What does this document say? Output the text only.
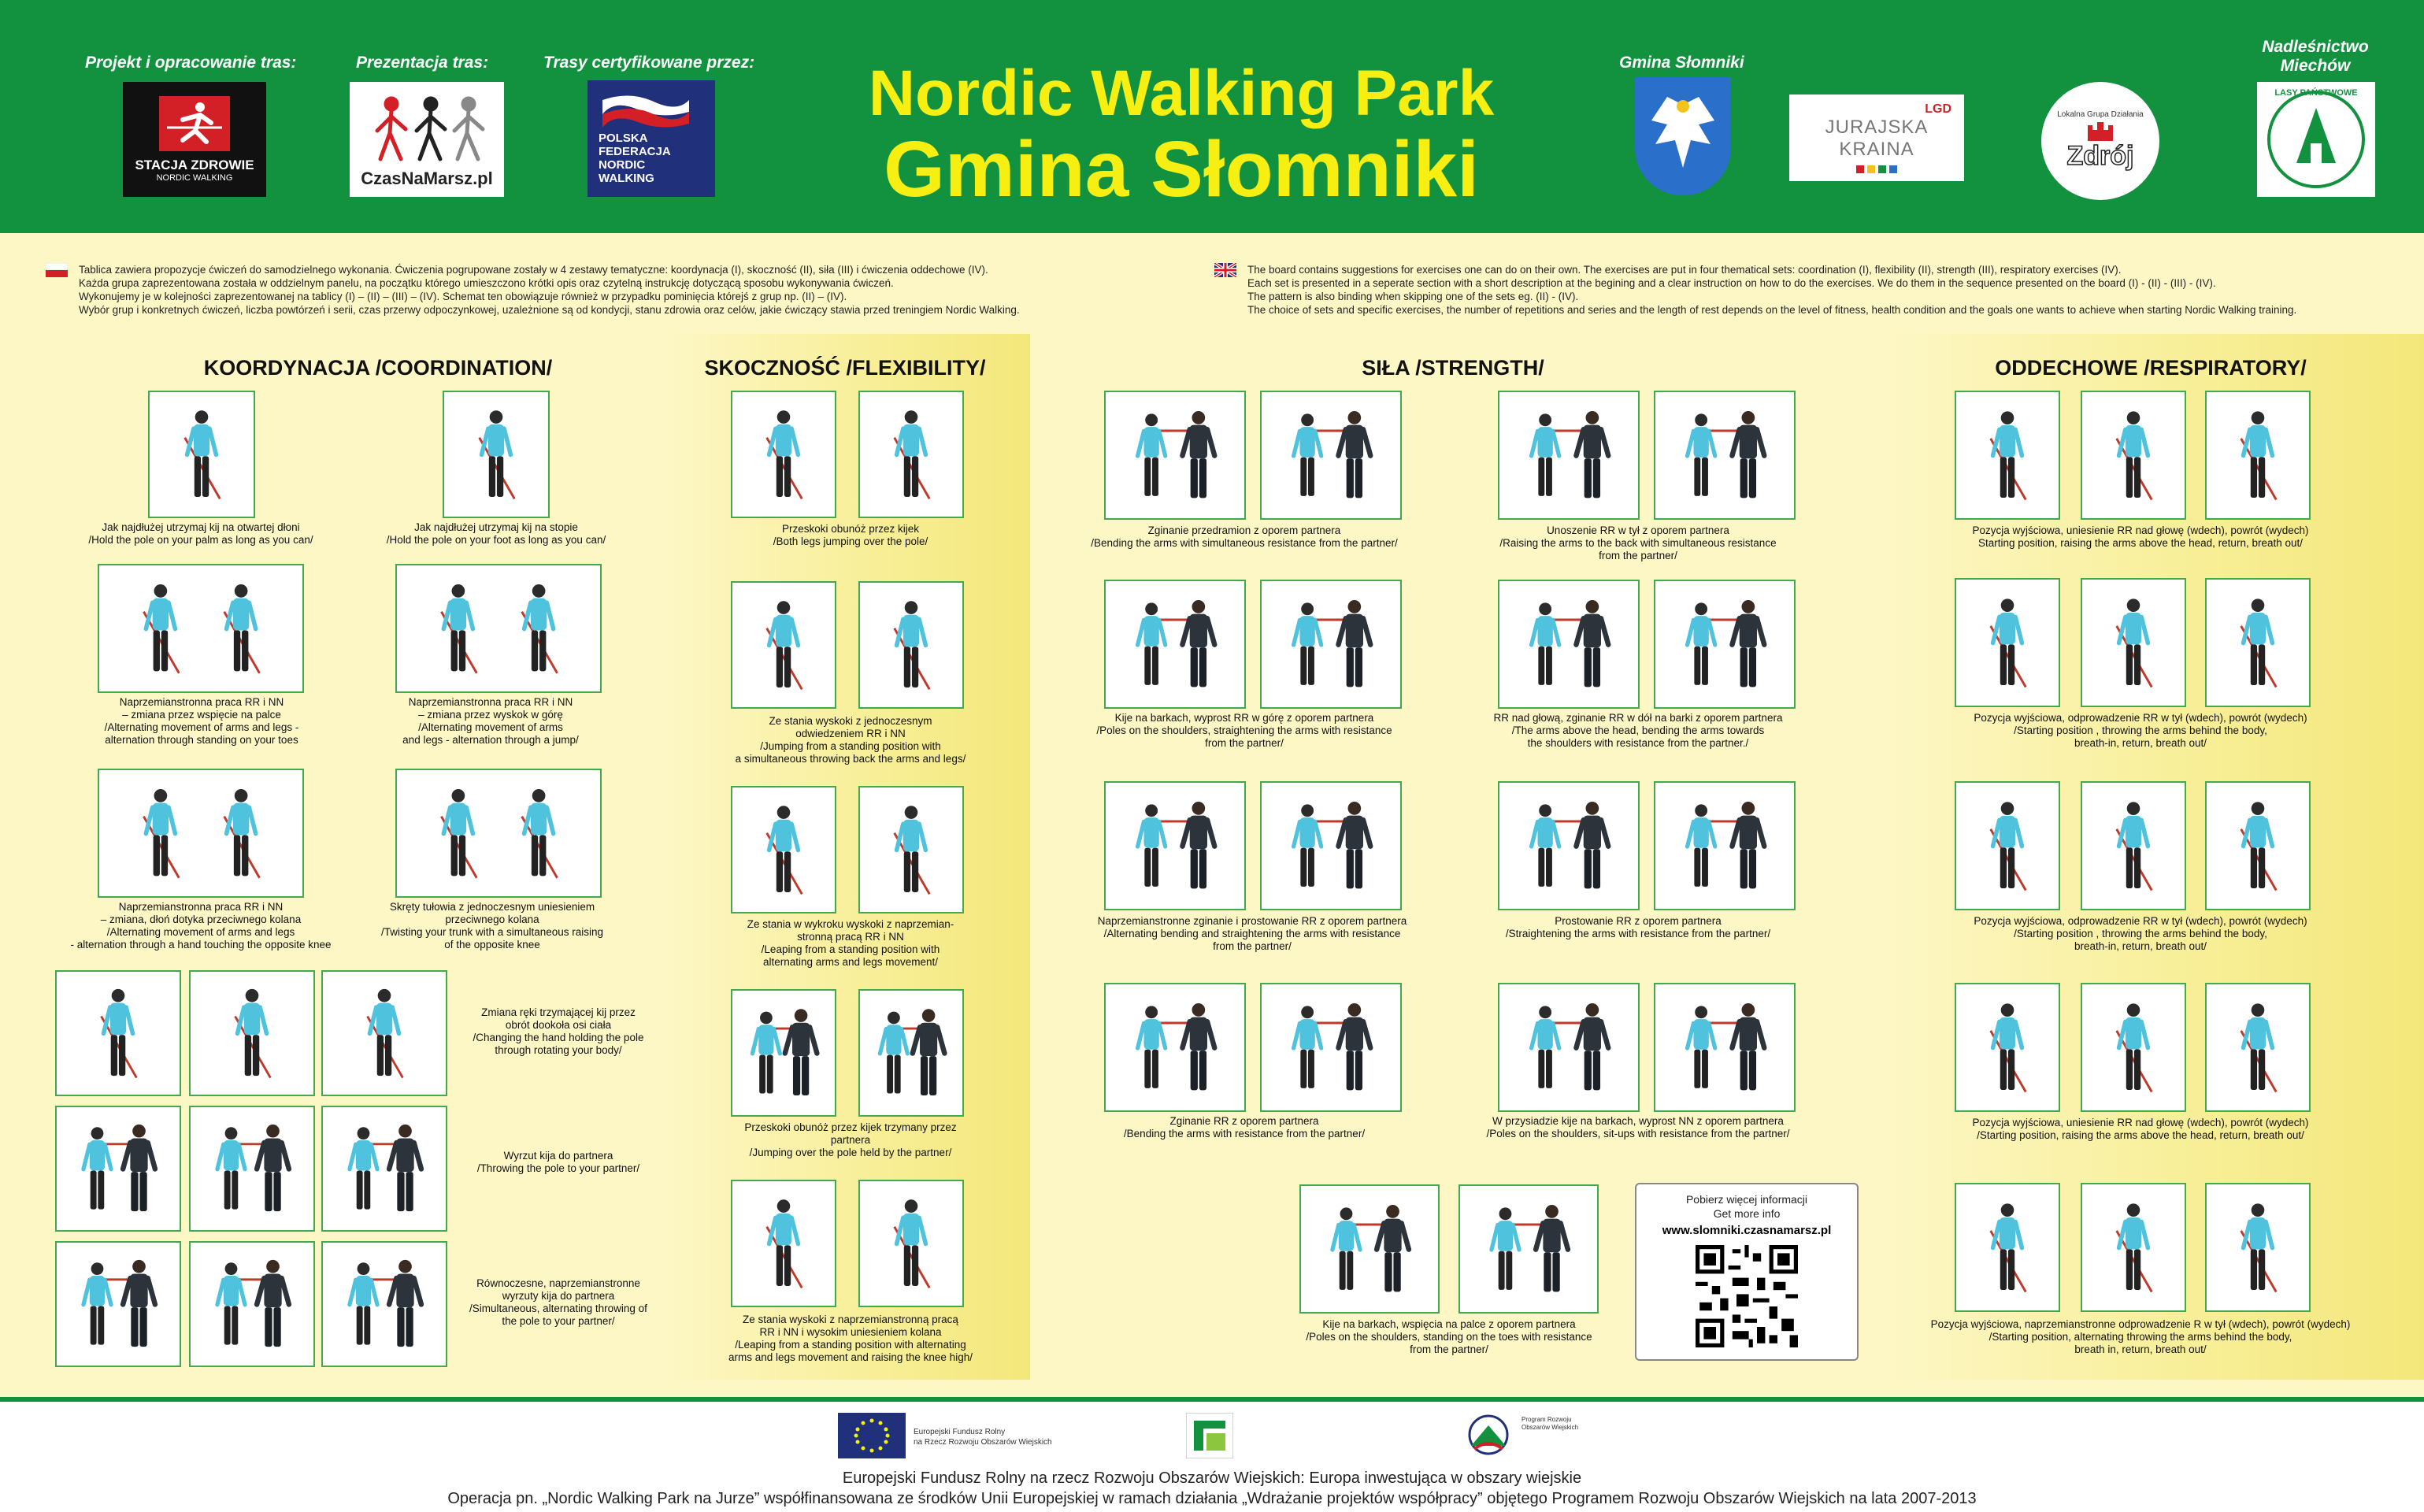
Projekt i opracowanie tras:	Prezentacja tras:	Trasy certyfikowane przez:	Gmina Słomniki
Nadleśnictwo Miechów
STACJA ZDROWIE
NORDIC WALKING	CzasNaMarsz.pl
POLSKA FEDERACJA NORDIC WALKING
Nordic Walking Park
Gmina Słomniki
LGD
JURAJSKA KRAINA
Lokalna Grupa Działania
Zdrój
LASY PAŃSTWOWE
Tablica zawiera propozycje ćwiczeń do samodzielnego wykonania. Ćwiczenia pogrupowane zostały w 4 zestawy tematyczne: koordynacja (I), skoczność (II), siła (III) i ćwiczenia oddechowe (IV).
Każda grupa zaprezentowana została w oddzielnym panelu, na początku którego umieszczono krótki opis oraz czytelną instrukcję dotyczącą sposobu wykonywania ćwiczeń.
Wykonujemy je w kolejności zaprezentowanej na tablicy (I) – (II) – (III) – (IV). Schemat ten obowiązuje również w przypadku pominięcia którejś z grup np. (II) – (IV).
Wybór grup i konkretnych ćwiczeń, liczba powtórzeń i serii, czas przerwy odpoczynkowej, uzależnione są od kondycji, stanu zdrowia oraz celów, jakie ćwiczący stawia przed treningiem Nordic Walking.
The board contains suggestions for exercises one can do on their own. The exercises are put in four thematical sets: coordination (I), flexibility (II), strength (III), respiratory exercises (IV).
Each set is presented in a seperate section with a short description at the begining and a clear instruction on how to do the exercises. We do them in the sequence presented on the board (I) - (II) - (III) - (IV).
The pattern is also binding when skipping one of the sets eg. (II) - (IV).
The choice of sets and specific exercises, the number of repetitions and series and the length of rest depends on the level of fitness, health condition and the goals one wants to achieve when starting Nordic Walking training.
KOORDYNACJA /COORDINATION/	SKOCZNOŚĆ /FLEXIBILITY/	SIŁA /STRENGTH/	ODDECHOWE /RESPIRATORY/
Jak najdłużej utrzymaj kij na otwartej dłoni
/Hold the pole on your palm as long as you can/
Jak najdłużej utrzymaj kij na stopie
/Hold the pole on your foot as long as you can/
Naprzemianstronna praca RR i NN
– zmiana przez wspięcie na palce
/Alternating movement of arms and legs -
alternation through standing on your toes
Naprzemianstronna praca RR i NN
– zmiana przez wyskok w górę
/Alternating movement of arms
and legs - alternation through a jump/
Naprzemianstronna praca RR i NN
– zmiana, dłoń dotyka przeciwnego kolana
/Alternating movement of arms and legs
- alternation through a hand touching the opposite knee
Skręty tułowia z jednoczesnym uniesieniem
przeciwnego kolana
/Twisting your trunk with a simultaneous raising
of the opposite knee
Zmiana ręki trzymającej kij przez
obrót dookoła osi ciała
/Changing the hand holding the pole
through rotating your body/
Wyrzut kija do partnera
/Throwing the pole to your partner/
Równoczesne, naprzemianstronne
wyrzuty kija do partnera
/Simultaneous, alternating throwing of
the pole to your partner/
Przeskoki obunóż przez kijek
/Both legs jumping over the pole/
Ze stania wyskoki z jednoczesnym
odwiedzeniem RR i NN
/Jumping from a standing position with
a simultaneous throwing back the arms and legs/
Ze stania w wykroku wyskoki z naprzemian-
stronną pracą RR i NN
/Leaping from a standing position with
alternating arms and legs movement/
Przeskoki obunóż przez kijek trzymany przez
partnera
/Jumping over the pole held by the partner/
Ze stania wyskoki z naprzemianstronną pracą
RR i NN i wysokim uniesieniem kolana
/Leaping from a standing position with alternating
arms and legs movement and raising the knee high/
Zginanie przedramion z oporem partnera
/Bending the arms with simultaneous resistance from the partner/
Unoszenie RR w tył z oporem partnera
/Raising the arms to the back with simultaneous resistance
from the partner/
Kije na barkach, wyprost RR w górę z oporem partnera
/Poles on the shoulders, straightening the arms with resistance
from the partner/
RR nad głową, zginanie RR w dół na barki z oporem partnera
/The arms above the head, bending the arms towards
the shoulders with resistance from the partner./
Naprzemianstronne zginanie i prostowanie RR z oporem partnera
/Alternating bending and straightening the arms with resistance
from the partner/
Prostowanie RR z oporem partnera
/Straightening the arms with resistance from the partner/
Zginanie RR z oporem partnera
/Bending the arms with resistance from the partner/
W przysiadzie kije na barkach, wyprost NN z oporem partnera
/Poles on the shoulders, sit-ups with resistance from the partner/
Kije na barkach, wspięcia na palce z oporem partnera
/Poles on the shoulders, standing on the toes with resistance
from the partner/
Pozycja wyjściowa, uniesienie RR nad głowę (wdech), powrót (wydech)
Starting position, raising the arms above the head, return, breath out/
Pozycja wyjściowa, odprowadzenie RR w tył (wdech), powrót (wydech)
/Starting position , throwing the arms behind the body,
breath-in, return, breath out/
Pozycja wyjściowa, odprowadzenie RR w tył (wdech), powrót (wydech)
/Starting position , throwing the arms behind the body,
breath-in, return, breath out/
Pozycja wyjściowa, uniesienie RR nad głowę (wdech), powrót (wydech)
/Starting position, raising the arms above the head, return, breath out/
Pozycja wyjściowa, naprzemianstronne odprowadzenie R w tył (wdech), powrót (wydech)
/Starting position, alternating throwing the arms behind the body,
breath in, return, breath out/
Pobierz więcej informacji
Get more info
www.slomniki.czasnamarsz.pl
Europejski Fundusz Rolny
na Rzecz Rozwoju Obszarów Wiejskich
Program Rozwoju Obszarów Wiejskich
Europejski Fundusz Rolny na rzecz Rozwoju Obszarów Wiejskich: Europa inwestująca w obszary wiejskie
Operacja pn. „Nordic Walking Park na Jurze” współfinansowana ze środków Unii Europejskiej w ramach działania „Wdrażanie projektów współpracy” objętego Programem Rozwoju Obszarów Wiejskich na lata 2007-2013
